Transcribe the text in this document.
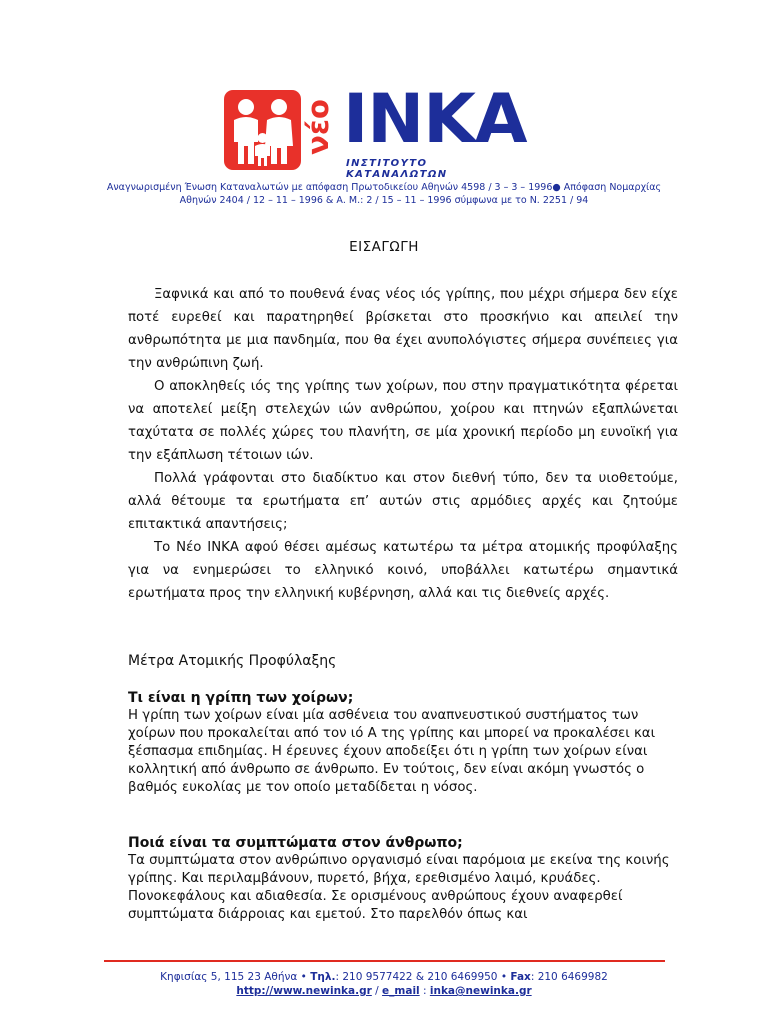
νέο ΙΝΚΑ
ΙΝΣΤΙΤΟΥΤΟ ΚΑΤΑΝΑΛΩΤΩΝ
Αναγνωρισμένη Ένωση Καταναλωτών με απόφαση Πρωτοδικείου Αθηνών 4598 / 3 – 3 – 1996● Απόφαση Νομαρχίας Αθηνών 2404 / 12 – 11 – 1996 & Α. Μ.: 2 / 15 – 11 – 1996 σύμφωνα με το Ν. 2251 / 94
ΕΙΣΑΓΩΓΗ

Ξαφνικά και από το πουθενά ένας νέος ιός γρίπης, που μέχρι σήμερα δεν είχε ποτέ ευρεθεί και παρατηρηθεί βρίσκεται στο προσκήνιο και απειλεί την ανθρωπότητα με μια πανδημία, που θα έχει ανυπολόγιστες σήμερα συνέπειες για την ανθρώπινη ζωή.

Ο αποκληθείς ιός της γρίπης των χοίρων, που στην πραγματικότητα φέρεται να αποτελεί μείξη στελεχών ιών ανθρώπου, χοίρου και πτηνών εξαπλώνεται ταχύτατα σε πολλές χώρες του πλανήτη, σε μία χρονική περίοδο μη ευνοϊκή για την εξάπλωση τέτοιων ιών.

Πολλά γράφονται στο διαδίκτυο και στον διεθνή τύπο, δεν τα υιοθετούμε, αλλά θέτουμε τα ερωτήματα επ’ αυτών στις αρμόδιες αρχές και ζητούμε επιτακτικά απαντήσεις;

Το Νέο ΙΝΚΑ αφού θέσει αμέσως κατωτέρω τα μέτρα ατομικής προφύλαξης για να ενημερώσει το ελληνικό κοινό, υποβάλλει κατωτέρω σημαντικά ερωτήματα προς την ελληνική κυβέρνηση, αλλά και τις διεθνείς αρχές.

Μέτρα Ατομικής Προφύλαξης

Τι είναι η γρίπη των χοίρων;

Η γρίπη των χοίρων είναι μία ασθένεια του αναπνευστικού συστήματος των χοίρων που προκαλείται από τον ιό Α της γρίπης και μπορεί να προκαλέσει και ξέσπασμα επιδημίας. Η έρευνες έχουν αποδείξει ότι η γρίπη των χοίρων είναι κολλητική από άνθρωπο σε άνθρωπο. Εν τούτοις, δεν είναι ακόμη γνωστός ο βαθμός ευκολίας με τον οποίο μεταδίδεται η νόσος.

Ποιά είναι τα συμπτώματα στον άνθρωπο;

Τα συμπτώματα στον ανθρώπινο οργανισμό είναι παρόμοια με εκείνα της κοινής γρίπης. Και περιλαμβάνουν, πυρετό, βήχα, ερεθισμένο λαιμό, κρυάδες. Πονοκεφάλους και αδιαθεσία. Σε ορισμένους ανθρώπους έχουν αναφερθεί συμπτώματα διάρροιας και εμετού. Στο παρελθόν όπως και

Κηφισίας 5, 115 23 Αθήνα • Τηλ.: 210 9577422 & 210 6469950 • Fax: 210 6469982
http://www.newinka.gr / e_mail : inka@newinka.gr
